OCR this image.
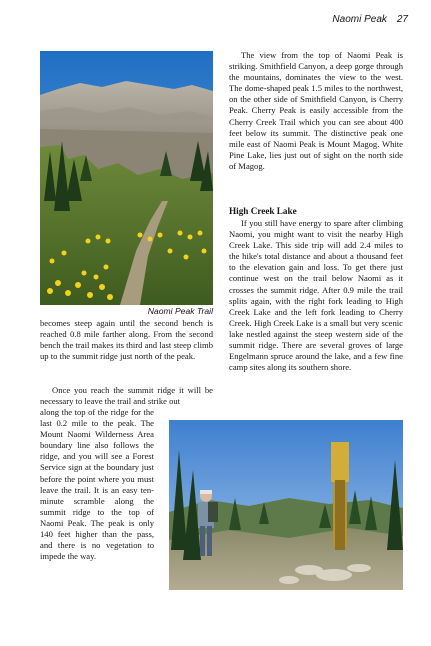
Naomi Peak 27
Naomi Peak Trail

becomes steep again until the second bench is reached 0.8 mile farther along. From the second bench the trail makes its third and last steep climb up to the summit ridge just north of the peak.

Once you reach the summit ridge it will be necessary to leave the trail and strike out

along the top of the ridge for the last 0.2 mile to the peak. The Mount Naomi Wilderness Area boundary line also follows the ridge, and you will see a Forest Service sign at the boundary just before the point where you must leave the trail. It is an easy ten-minute scramble along the summit ridge to the top of Naomi Peak. The peak is only 140 feet higher than the pass, and there is no vegetation to impede the way.

The view from the top of Naomi Peak is striking. Smithfield Canyon, a deep gorge through the mountains, dominates the view to the west. The dome-shaped peak 1.5 miles to the northwest, on the other side of Smithfield Canyon, is Cherry Peak. Cherry Peak is easily accessible from the Cherry Creek Trail which you can see about 400 feet below its summit. The distinctive peak one mile east of Naomi Peak is Mount Magog. White Pine Lake, lies just out of sight on the north side of Magog.

High Creek Lake

If you still have energy to spare after climbing Naomi, you might want to visit the nearby High Creek Lake. This side trip will add 2.4 miles to the hike's total distance and about a thousand feet to the elevation gain and loss. To get there just continue west on the trail below Naomi as it crosses the summit ridge. After 0.9 mile the trail splits again, with the right fork leading to High Creek Lake and the left fork leading to Cherry Creek. High Creek Lake is a small but very scenic lake nestled against the steep western side of the summit ridge. There are several groves of large Engelmann spruce around the lake, and a few fine camp sites along its southern shore.
